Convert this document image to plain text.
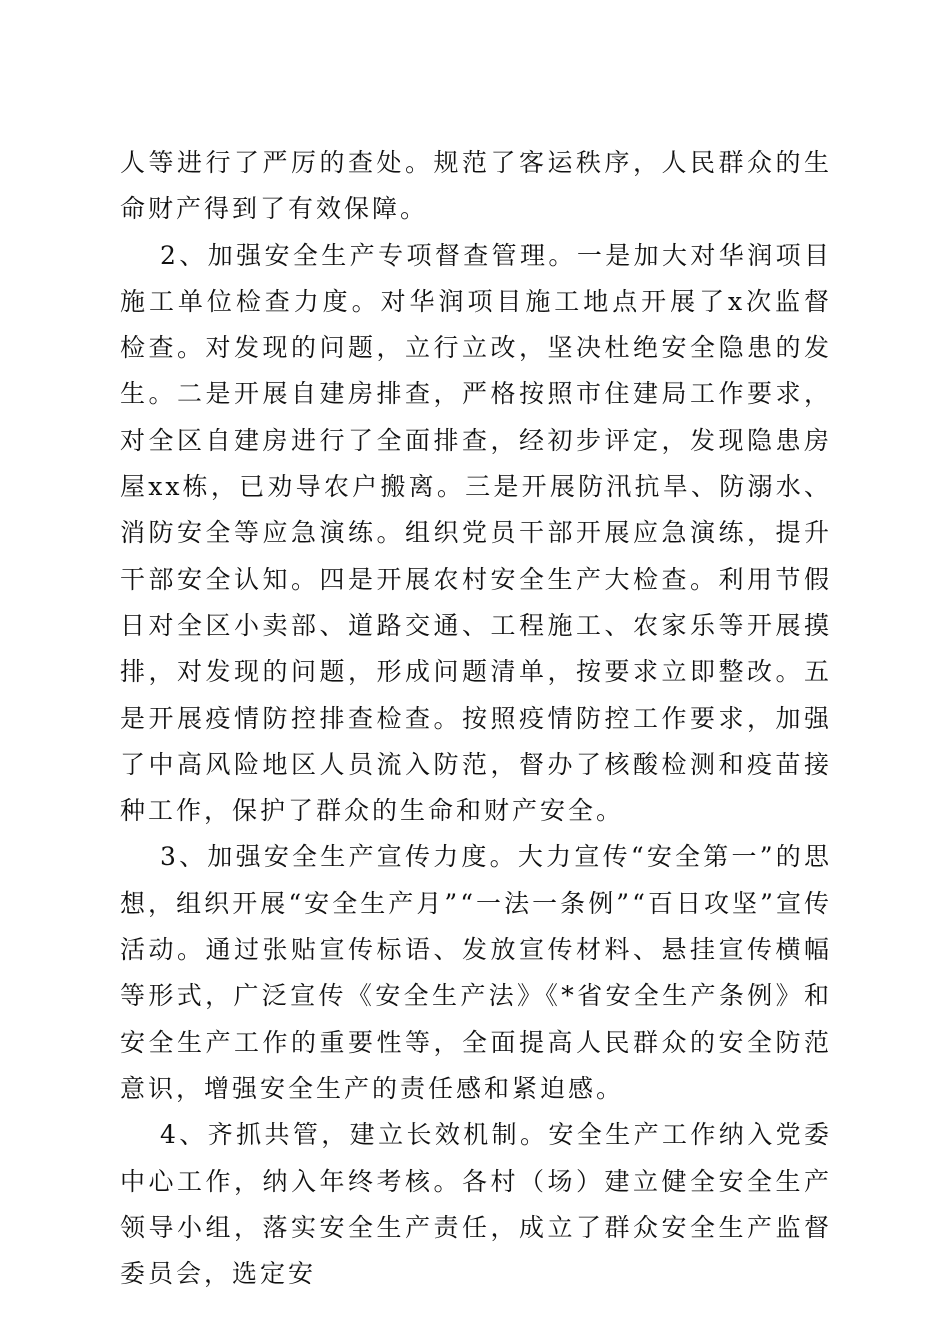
人等进行了严厉的查处。规范了客运秩序，人民群众的生命财产得到了有效保障。

2、加强安全生产专项督查管理。一是加大对华润项目施工单位检查力度。对华润项目施工地点开展了x次监督检查。对发现的问题，立行立改，坚决杜绝安全隐患的发生。二是开展自建房排查，严格按照市住建局工作要求，对全区自建房进行了全面排查，经初步评定，发现隐患房屋xx栋，已劝导农户搬离。三是开展防汛抗旱、防溺水、消防安全等应急演练。组织党员干部开展应急演练，提升干部安全认知。四是开展农村安全生产大检查。利用节假日对全区小卖部、道路交通、工程施工、农家乐等开展摸排，对发现的问题，形成问题清单，按要求立即整改。五是开展疫情防控排查检查。按照疫情防控工作要求，加强了中高风险地区人员流入防范，督办了核酸检测和疫苗接种工作，保护了群众的生命和财产安全。

3、加强安全生产宣传力度。大力宣传“安全第一”的思想，组织开展“安全生产月”“一法一条例”“百日攻坚”宣传活动。通过张贴宣传标语、发放宣传材料、悬挂宣传横幅等形式，广泛宣传《安全生产法》《*省安全生产条例》和安全生产工作的重要性等，全面提高人民群众的安全防范意识，增强安全生产的责任感和紧迫感。

4、齐抓共管，建立长效机制。安全生产工作纳入党委中心工作，纳入年终考核。各村（场）建立健全安全生产领导小组，落实安全生产责任，成立了群众安全生产监督委员会，选定安
